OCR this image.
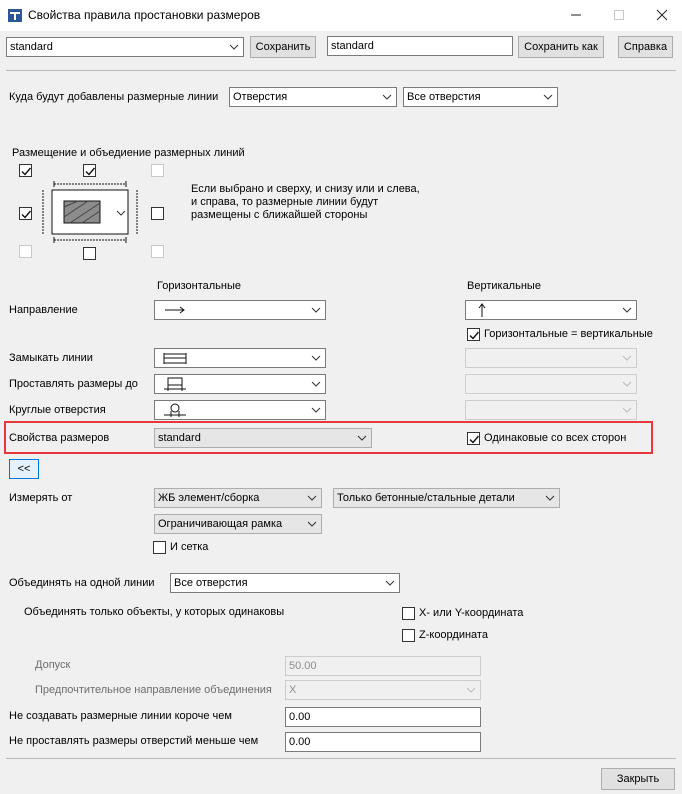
Свойства правила простановки размеров
standard	Сохранить	standard	Сохранить как	Справка
Куда будут добавлены размерные линии	Отверстия	Все отверстия
Размещение и объедиение размерных линий
Если выбрано и сверху, и снизу или и слева,
и справа, то размерные линии будут
размещены с ближайшей стороны
Горизонтальные	Вертикальные
Направление
Горизонтальные = вертикальные
Замыкать линии
Проставлять размеры до
Круглые отверстия
Свойства размеров	standard	Одинаковые со всех сторон
<<
Измерять от	ЖБ элемент/сборка	Только бетонные/стальные детали
Ограничивающая рамка
И сетка
Объединять на одной линии	Все отверстия
Объединять только объекты, у которых одинаковы	X- или Y-координата
Z-координата
Допуск	50.00
Предпочтительное направление объединения	X
Не создавать размерные линии короче чем	0.00
Не проставлять размеры отверстий меньше чем	0.00
Закрыть
